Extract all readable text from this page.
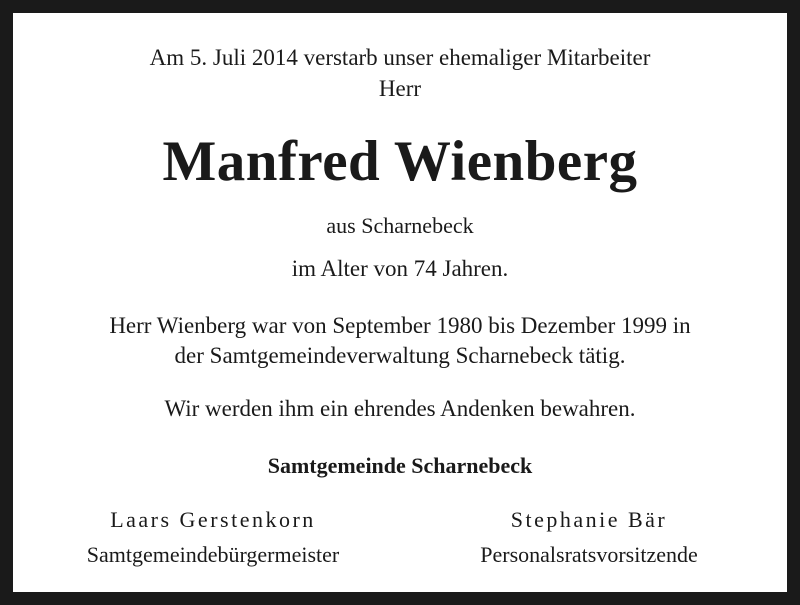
Am 5. Juli 2014 verstarb unser ehemaliger Mitarbeiter
Herr
Manfred Wienberg
aus Scharnebeck
im Alter von 74 Jahren.
Herr Wienberg war von September 1980 bis Dezember 1999 in
der Samtgemeindeverwaltung Scharnebeck tätig.
Wir werden ihm ein ehrendes Andenken bewahren.
Samtgemeinde Scharnebeck
Laars Gerstenkorn
Samtgemeindebürgermeister
Stephanie Bär
Personalsratsvorsitzende
